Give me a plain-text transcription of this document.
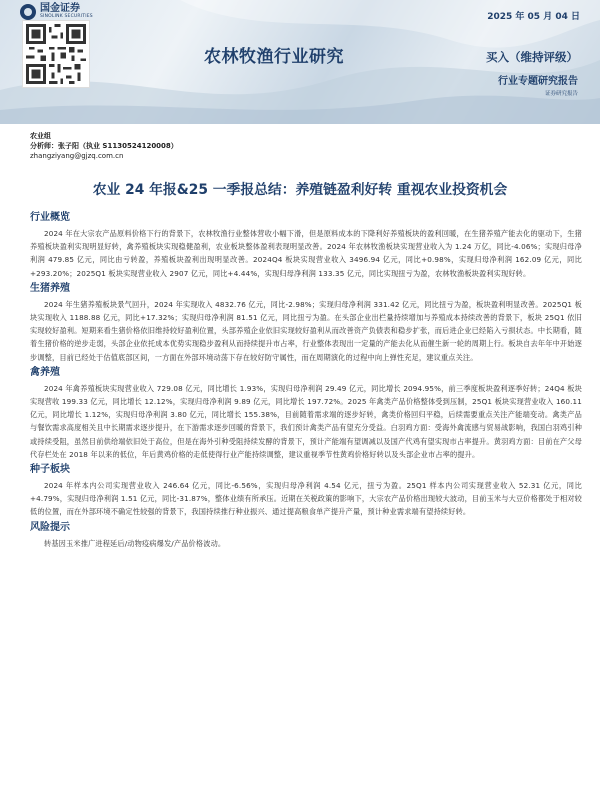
国金证券
SINOLINK SECURITIES	2025 年 05 月 04 日
农林牧渔行业研究	买入（维持评级）
行业专题研究报告
证券研究报告
农业组
分析师：张子阳（执业 S1130524120008）
zhangziyang@gjzq.com.cn
农业 24 年报&25 一季报总结：养殖链盈利好转 重视农业投资机会
行业概览

2024 年在大宗农产品原料价格下行的背景下，农林牧渔行业整体营收小幅下滑，但是原料成本的下降利好养殖板块的盈利回暖，在生猪养殖产能去化的驱动下，生猪养殖板块盈利实现明显好转，禽养殖板块实现稳健盈利，农业板块整体盈利表现明显改善。2024 年农林牧渔板块实现营业收入为 1.24 万亿，同比-4.06%；实现归母净利润 479.85 亿元，同比由亏转盈，养殖板块盈利出现明显改善。2024Q4 板块实现营业收入 3496.94 亿元，同比+0.98%，实现归母净利润 162.09 亿元，同比+293.20%；2025Q1 板块实现营业收入 2907 亿元，同比+4.44%，实现归母净利润 133.35 亿元，同比实现扭亏为盈，农林牧渔板块盈利实现好转。

生猪养殖

2024 年生猪养殖板块景气回升，2024 年实现收入 4832.76 亿元，同比-2.98%；实现归母净利润 331.42 亿元，同比扭亏为盈，板块盈利明显改善。2025Q1 板块实现收入 1188.88 亿元，同比+17.32%；实现归母净利润 81.51 亿元，同比扭亏为盈。在头部企业出栏量持续增加与养殖成本持续改善的背景下，板块 25Q1 依旧实现较好盈利。短期来看生猪价格依旧维持较好盈利位置，头部养殖企业依旧实现较好盈利从而改善资产负债表和稳步扩张，而后进企业已经陷入亏损状态。中长期看，随着生猪价格的逆步走弱，头部企业依托成本优势实现稳步盈利从而持续提升市占率，行业整体表现出一定量的产能去化从而催生新一轮的周期上行。板块自去年年中开始逐步调整，目前已经处于估值底部区间，一方面在外部环境动荡下存在较好防守属性，而在周期演化的过程中向上弹性充足，建议重点关注。

禽养殖

2024 年禽养殖板块实现营业收入 729.08 亿元，同比增长 1.93%，实现归母净利润 29.49 亿元，同比增长 2094.95%，前三季度板块盈利逐季好转；24Q4 板块实现营收 199.33 亿元，同比增长 12.12%，实现归母净利润 9.89 亿元，同比增长 197.72%。2025 年禽类产品价格整体受到压制，25Q1 板块实现营业收入 160.11 亿元，同比增长 1.12%，实现归母净利润 3.80 亿元，同比增长 155.38%，目前随着需求端的逐步好转，禽类价格回归平稳，后续需要重点关注产能端变动。禽类产品与餐饮需求高度相关且中长期需求逐步提升，在下游需求逐步回暖的背景下，我们预计禽类产品有望充分受益。白羽鸡方面：受海外禽流感与贸易战影响，我国白羽鸡引种或持续受阻，虽然目前供给端依旧处于高位，但是在海外引种受阻持续发酵的背景下，预计产能端有望调减以及国产代鸡有望实现市占率提升。黄羽鸡方面：目前在产父母代存栏处在 2018 年以来的低位，年后黄鸡价格的走低使得行业产能持续调整，建议重视季节性黄鸡价格好转以及头部企业市占率的提升。

种子板块

2024 年样本内公司实现营业收入 246.64 亿元，同比-6.56%，实现归母净利润 4.54 亿元，扭亏为盈。25Q1 样本内公司实现营业收入 52.31 亿元，同比+4.79%，实现归母净利润 1.51 亿元，同比-31.87%，整体业绩有所承压。近期在关税政策的影响下，大宗农产品价格出现较大波动，目前玉米与大豆价格都处于相对较低的位置，而在外部环境不确定性较强的背景下，我国持续推行种业振兴、通过提高粮食单产提升产量，预计种业需求端有望持续好转。

风险提示

转基因玉米推广进程延后/动物疫病爆发/产品价格波动。
